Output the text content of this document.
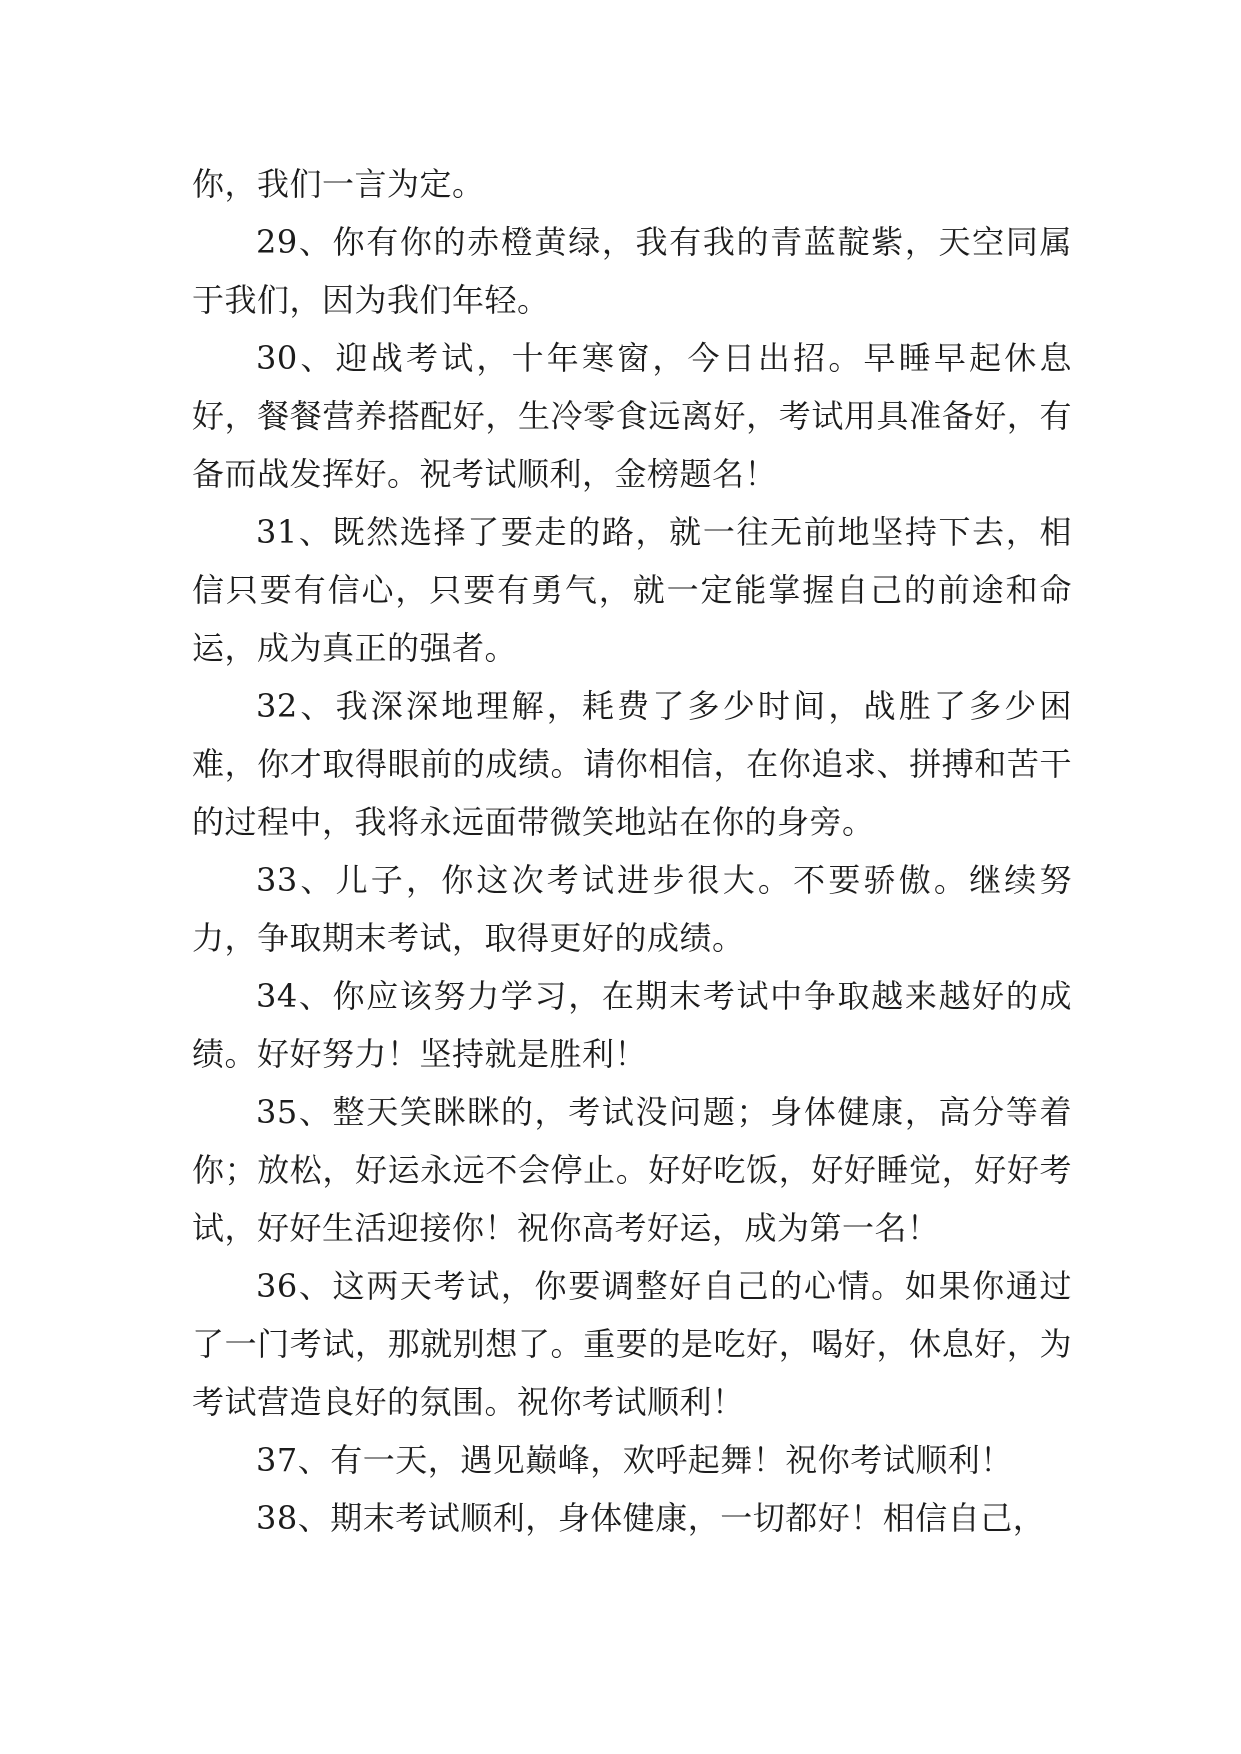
你，我们一言为定。

29、你有你的赤橙黄绿，我有我的青蓝靛紫，天空同属于我们，因为我们年轻。

30、迎战考试，十年寒窗，今日出招。早睡早起休息好，餐餐营养搭配好，生冷零食远离好，考试用具准备好，有备而战发挥好。祝考试顺利，金榜题名！

31、既然选择了要走的路，就一往无前地坚持下去，相信只要有信心，只要有勇气，就一定能掌握自己的前途和命运，成为真正的强者。

32、我深深地理解，耗费了多少时间，战胜了多少困难，你才取得眼前的成绩。请你相信，在你追求、拼搏和苦干的过程中，我将永远面带微笑地站在你的身旁。

33、儿子，你这次考试进步很大。不要骄傲。继续努力，争取期末考试，取得更好的成绩。

34、你应该努力学习，在期末考试中争取越来越好的成绩。好好努力！坚持就是胜利！

35、整天笑眯眯的，考试没问题；身体健康，高分等着你；放松，好运永远不会停止。好好吃饭，好好睡觉，好好考试，好好生活迎接你！祝你高考好运，成为第一名！

36、这两天考试，你要调整好自己的心情。如果你通过了一门考试，那就别想了。重要的是吃好，喝好，休息好，为考试营造良好的氛围。祝你考试顺利！

37、有一天，遇见巅峰，欢呼起舞！祝你考试顺利！

38、期末考试顺利，身体健康，一切都好！相信自己，
